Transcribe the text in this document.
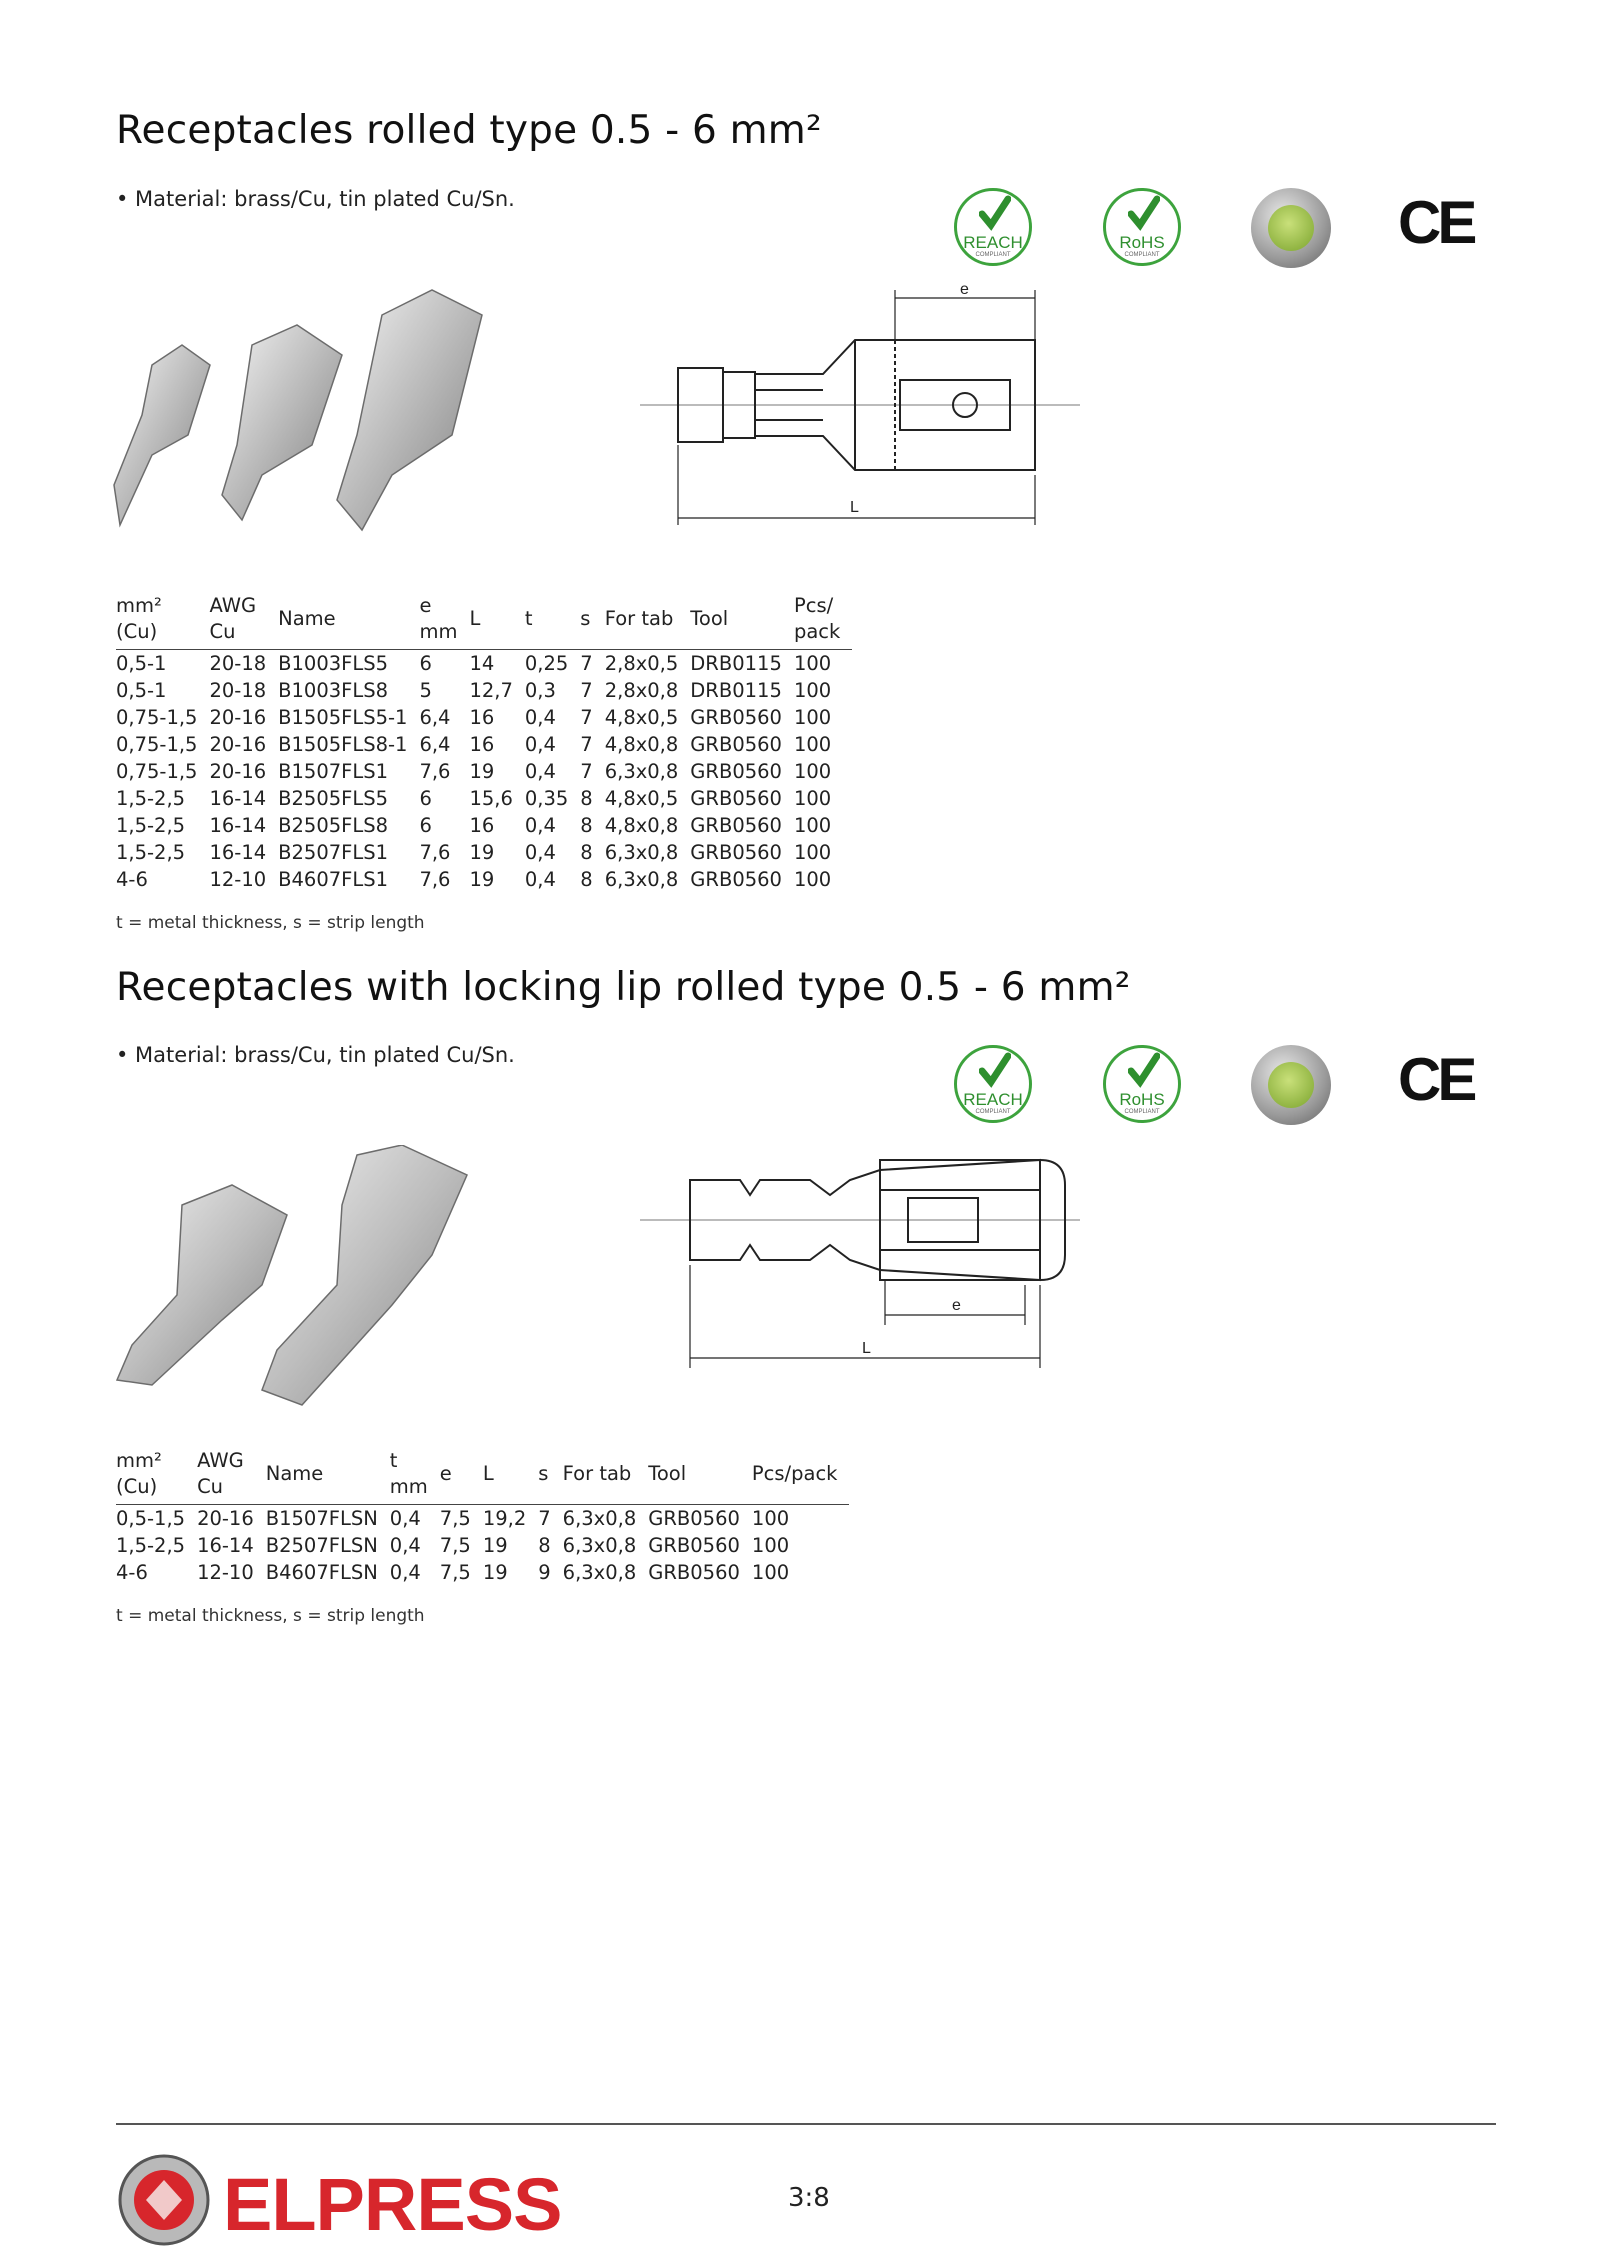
Receptacles rolled type 0.5 - 6 mm²
• Material: brass/Cu, tin plated Cu/Sn.
REACH
COMPLIANT
RoHS
COMPLIANT	CE
e
L
mm²
(Cu)	AWG
Cu	Name	e
mm	L	t	s	For tab	Tool	Pcs/
pack
0,5-1	20-18	B1003FLS5	6	14	0,25	7	2,8x0,5	DRB0115	100
0,5-1	20-18	B1003FLS8	5	12,7	0,3	7	2,8x0,8	DRB0115	100
0,75-1,5	20-16	B1505FLS5-1	6,4	16	0,4	7	4,8x0,5	GRB0560	100
0,75-1,5	20-16	B1505FLS8-1	6,4	16	0,4	7	4,8x0,8	GRB0560	100
0,75-1,5	20-16	B1507FLS1	7,6	19	0,4	7	6,3x0,8	GRB0560	100
1,5-2,5	16-14	B2505FLS5	6	15,6	0,35	8	4,8x0,5	GRB0560	100
1,5-2,5	16-14	B2505FLS8	6	16	0,4	8	4,8x0,8	GRB0560	100
1,5-2,5	16-14	B2507FLS1	7,6	19	0,4	8	6,3x0,8	GRB0560	100
4-6	12-10	B4607FLS1	7,6	19	0,4	8	6,3x0,8	GRB0560	100
t = metal thickness, s = strip length
Receptacles with locking lip rolled type 0.5 - 6 mm²
• Material: brass/Cu, tin plated Cu/Sn.
REACH
COMPLIANT
RoHS
COMPLIANT	CE
e
L
mm²
(Cu)	AWG
Cu	Name	t
mm	e	L	s	For tab	Tool	Pcs/pack
0,5-1,5	20-16	B1507FLSN	0,4	7,5	19,2	7	6,3x0,8	GRB0560	100
1,5-2,5	16-14	B2507FLSN	0,4	7,5	19	8	6,3x0,8	GRB0560	100
4-6	12-10	B4607FLSN	0,4	7,5	19	9	6,3x0,8	GRB0560	100
t = metal thickness, s = strip length
ELPRESS	3:8
